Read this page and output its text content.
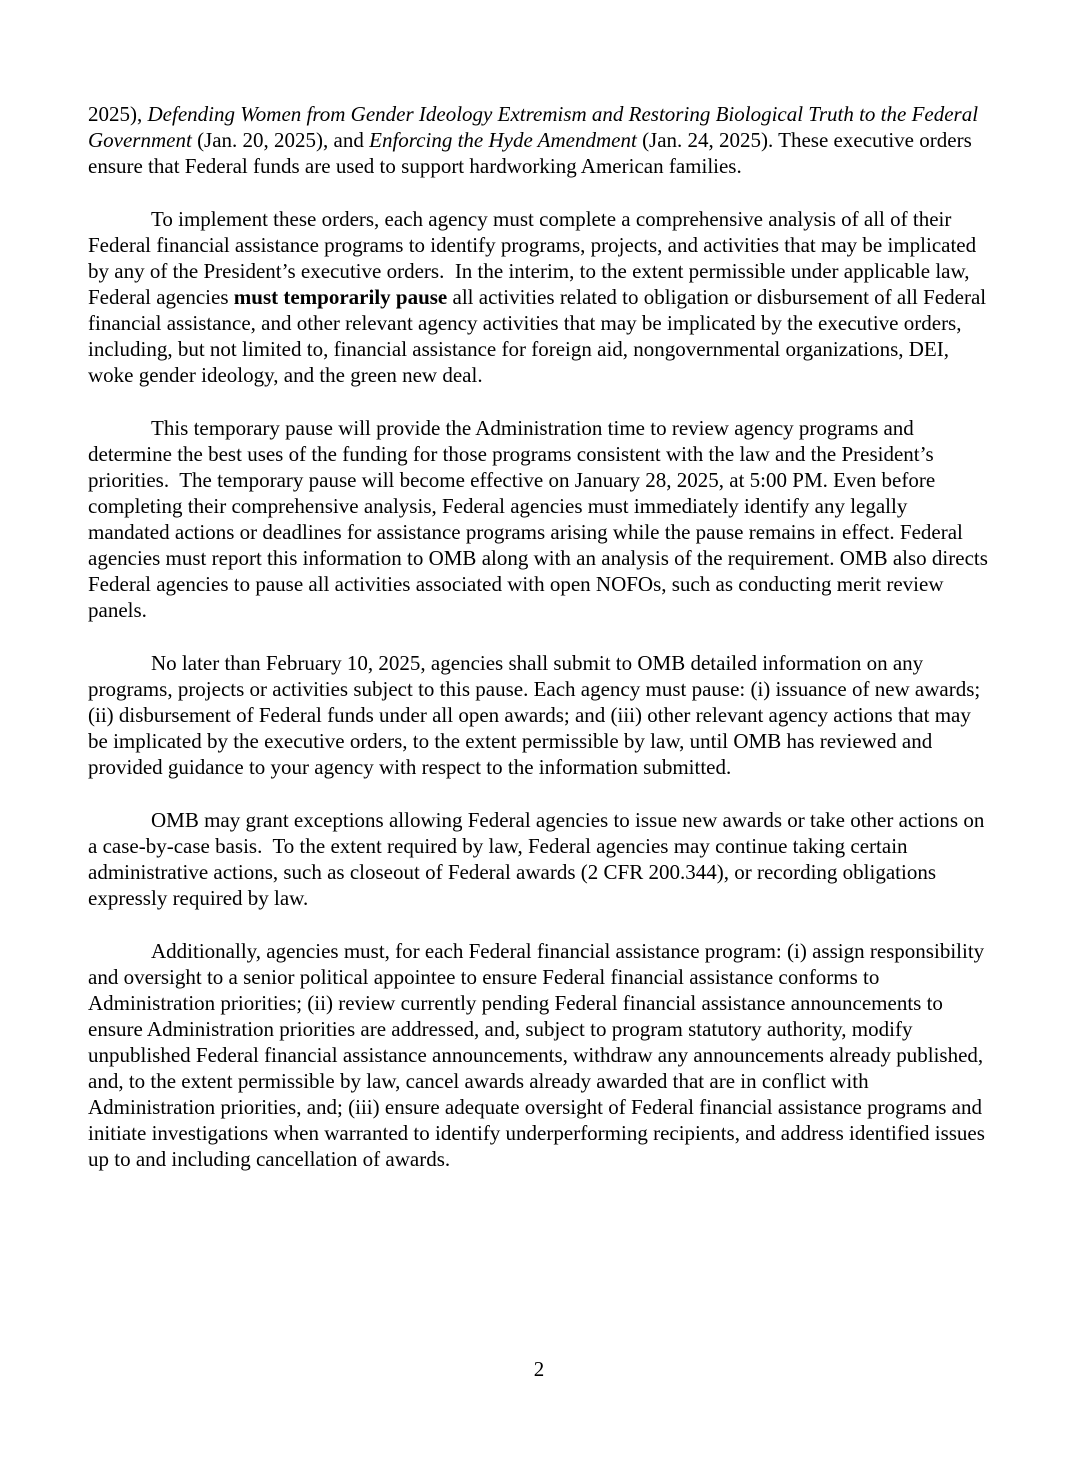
2025), Defending Women from Gender Ideology Extremism and Restoring Biological Truth to the Federal Government (Jan. 20, 2025), and Enforcing the Hyde Amendment (Jan. 24, 2025). These executive orders ensure that Federal funds are used to support hardworking American families.

To implement these orders, each agency must complete a comprehensive analysis of all of their Federal financial assistance programs to identify programs, projects, and activities that may be implicated by any of the President’s executive orders.  In the interim, to the extent permissible under applicable law, Federal agencies must temporarily pause all activities related to obligation or disbursement of all Federal financial assistance, and other relevant agency activities that may be implicated by the executive orders, including, but not limited to, financial assistance for foreign aid, nongovernmental organizations, DEI, woke gender ideology, and the green new deal.

This temporary pause will provide the Administration time to review agency programs and determine the best uses of the funding for those programs consistent with the law and the President’s priorities.  The temporary pause will become effective on January 28, 2025, at 5:00 PM. Even before completing their comprehensive analysis, Federal agencies must immediately identify any legally mandated actions or deadlines for assistance programs arising while the pause remains in effect. Federal agencies must report this information to OMB along with an analysis of the requirement. OMB also directs Federal agencies to pause all activities associated with open NOFOs, such as conducting merit review panels.

No later than February 10, 2025, agencies shall submit to OMB detailed information on any programs, projects or activities subject to this pause. Each agency must pause: (i) issuance of new awards; (ii) disbursement of Federal funds under all open awards; and (iii) other relevant agency actions that may be implicated by the executive orders, to the extent permissible by law, until OMB has reviewed and provided guidance to your agency with respect to the information submitted.

OMB may grant exceptions allowing Federal agencies to issue new awards or take other actions on a case-by-case basis.  To the extent required by law, Federal agencies may continue taking certain administrative actions, such as closeout of Federal awards (2 CFR 200.344), or recording obligations expressly required by law.

Additionally, agencies must, for each Federal financial assistance program: (i) assign responsibility and oversight to a senior political appointee to ensure Federal financial assistance conforms to Administration priorities; (ii) review currently pending Federal financial assistance announcements to ensure Administration priorities are addressed, and, subject to program statutory authority, modify unpublished Federal financial assistance announcements, withdraw any announcements already published, and, to the extent permissible by law, cancel awards already awarded that are in conflict with Administration priorities, and; (iii) ensure adequate oversight of Federal financial assistance programs and initiate investigations when warranted to identify underperforming recipients, and address identified issues up to and including cancellation of awards.

2
